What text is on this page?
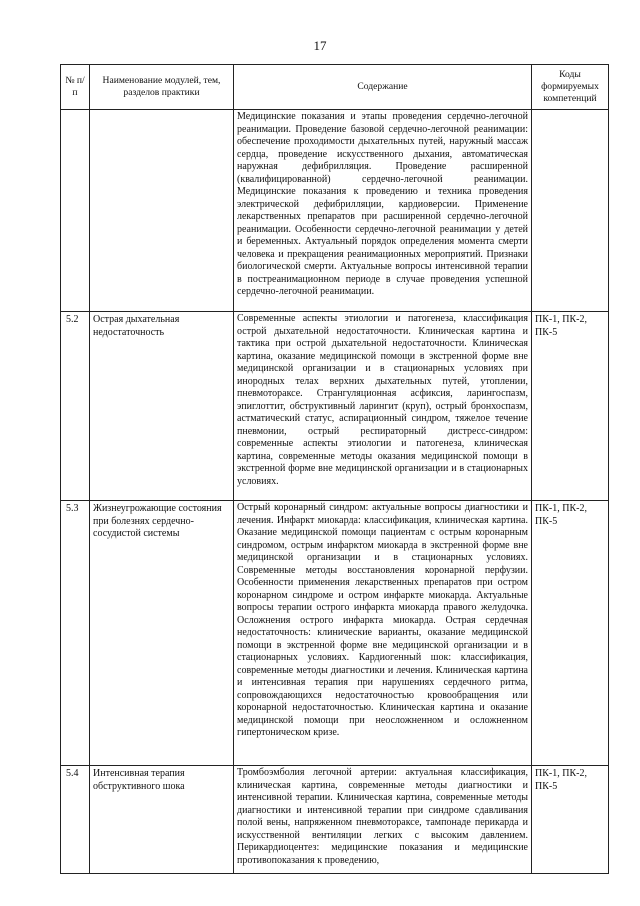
17
№ п/п	Наименование модулей, тем, разделов практики	Содержание	Коды формируемых компетенций
		Медицинские показания и этапы проведения сердечно-легочной реанимации. Проведение базовой сердечно-легочной реанимации: обеспечение проходимости дыхательных путей, наружный массаж сердца, проведение искусственного дыхания, автоматическая наружная дефибрилляция. Проведение расширенной (квалифицированной) сердечно-легочной реанимации. Медицинские показания к проведению и техника проведения электрической дефибрилляции, кардиоверсии. Применение лекарственных препаратов при расширенной сердечно-легочной реанимации. Особенности сердечно-легочной реанимации у детей и беременных. Актуальный порядок определения момента смерти человека и прекращения реанимационных мероприятий. Признаки биологической смерти. Актуальные вопросы интенсивной терапии в постреанимационном периоде в случае проведения успешной сердечно-легочной реанимации.	
5.2	Острая дыхательная недостаточность	Современные аспекты этиологии и патогенеза, классификация острой дыхательной недостаточности. Клиническая картина и тактика при острой дыхательной недостаточности. Клиническая картина, оказание медицинской помощи в экстренной форме вне медицинской организации и в стационарных условиях при инородных телах верхних дыхательных путей, утоплении, пневмотораксе. Странгуляционная асфиксия, ларингоспазм, эпиглоттит, обструктивный ларингит (круп), острый бронхоспазм, астматический статус, аспирационный синдром, тяжелое течение пневмонии, острый респираторный дистресс-синдром: современные аспекты этиологии и патогенеза, клиническая картина, современные методы оказания медицинской помощи в экстренной форме вне медицинской организации и в стационарных условиях.	ПК-1, ПК-2, ПК-5
5.3	Жизнеугрожающие состояния при болезнях сердечно-сосудистой системы	Острый коронарный синдром: актуальные вопросы диагностики и лечения. Инфаркт миокарда: классификация, клиническая картина. Оказание медицинской помощи пациентам с острым коронарным синдромом, острым инфарктом миокарда в экстренной форме вне медицинской организации и в стационарных условиях. Современные методы восстановления коронарной перфузии. Особенности применения лекарственных препаратов при остром коронарном синдроме и остром инфаркте миокарда. Актуальные вопросы терапии острого инфаркта миокарда правого желудочка. Осложнения острого инфаркта миокарда. Острая сердечная недостаточность: клинические варианты, оказание медицинской помощи в экстренной форме вне медицинской организации и в стационарных условиях. Кардиогенный шок: классификация, современные методы диагностики и лечения. Клиническая картина и интенсивная терапия при нарушениях сердечного ритма, сопровождающихся недостаточностью кровообращения или коронарной недостаточностью. Клиническая картина и оказание медицинской помощи при неосложненном и осложненном гипертоническом кризе.	ПК-1, ПК-2, ПК-5
5.4	Интенсивная терапия обструктивного шока	Тромбоэмболия легочной артерии: актуальная классификация, клиническая картина, современные методы диагностики и интенсивной терапии. Клиническая картина, современные методы диагностики и интенсивной терапии при синдроме сдавливания полой вены, напряженном пневмотораксе, тампонаде перикарда и искусственной вентиляции легких с высоким давлением. Перикардиоцентез: медицинские показания и медицинские противопоказания к проведению,	ПК-1, ПК-2, ПК-5
